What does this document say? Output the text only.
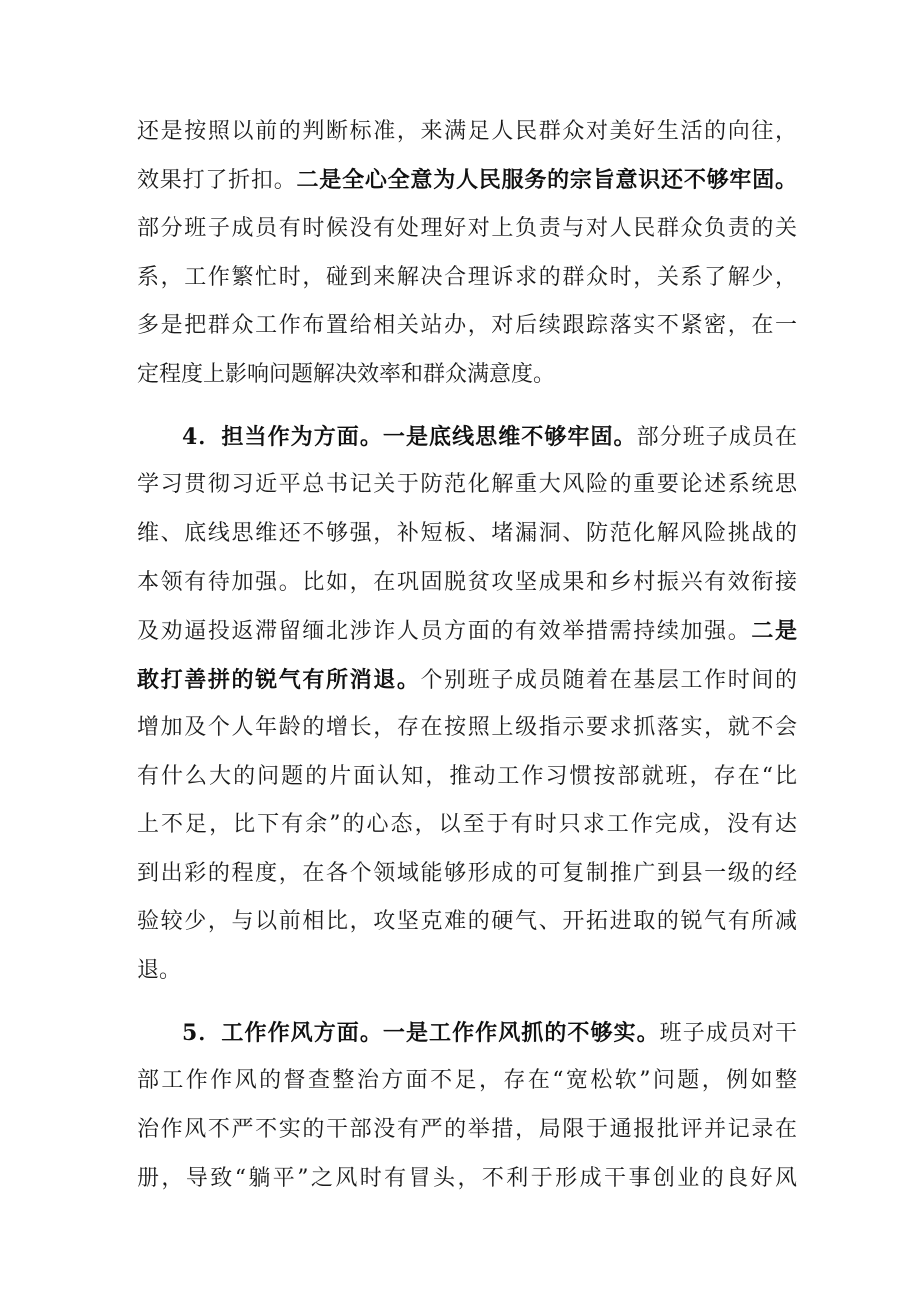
还是按照以前的判断标准，来满足人民群众对美好生活的向往，
效果打了折扣。二是全心全意为人民服务的宗旨意识还不够牢固。
部分班子成员有时候没有处理好对上负责与对人民群众负责的关
系，工作繁忙时，碰到来解决合理诉求的群众时，关系了解少，
多是把群众工作布置给相关站办，对后续跟踪落实不紧密，在一
定程度上影响问题解决效率和群众满意度。
4．担当作为方面。一是底线思维不够牢固。部分班子成员在
学习贯彻习近平总书记关于防范化解重大风险的重要论述系统思
维、底线思维还不够强，补短板、堵漏洞、防范化解风险挑战的
本领有待加强。比如，在巩固脱贫攻坚成果和乡村振兴有效衔接
及劝逼投返滞留缅北涉诈人员方面的有效举措需持续加强。二是
敢打善拼的锐气有所消退。个别班子成员随着在基层工作时间的
增加及个人年龄的增长，存在按照上级指示要求抓落实，就不会
有什么大的问题的片面认知，推动工作习惯按部就班，存在“比
上不足，比下有余”的心态，以至于有时只求工作完成，没有达
到出彩的程度，在各个领域能够形成的可复制推广到县一级的经
验较少，与以前相比，攻坚克难的硬气、开拓进取的锐气有所减
退。
5．工作作风方面。一是工作作风抓的不够实。班子成员对干
部工作作风的督查整治方面不足，存在“宽松软”问题，例如整
治作风不严不实的干部没有严的举措，局限于通报批评并记录在
册，导致“躺平”之风时有冒头，不利于形成干事创业的良好风
